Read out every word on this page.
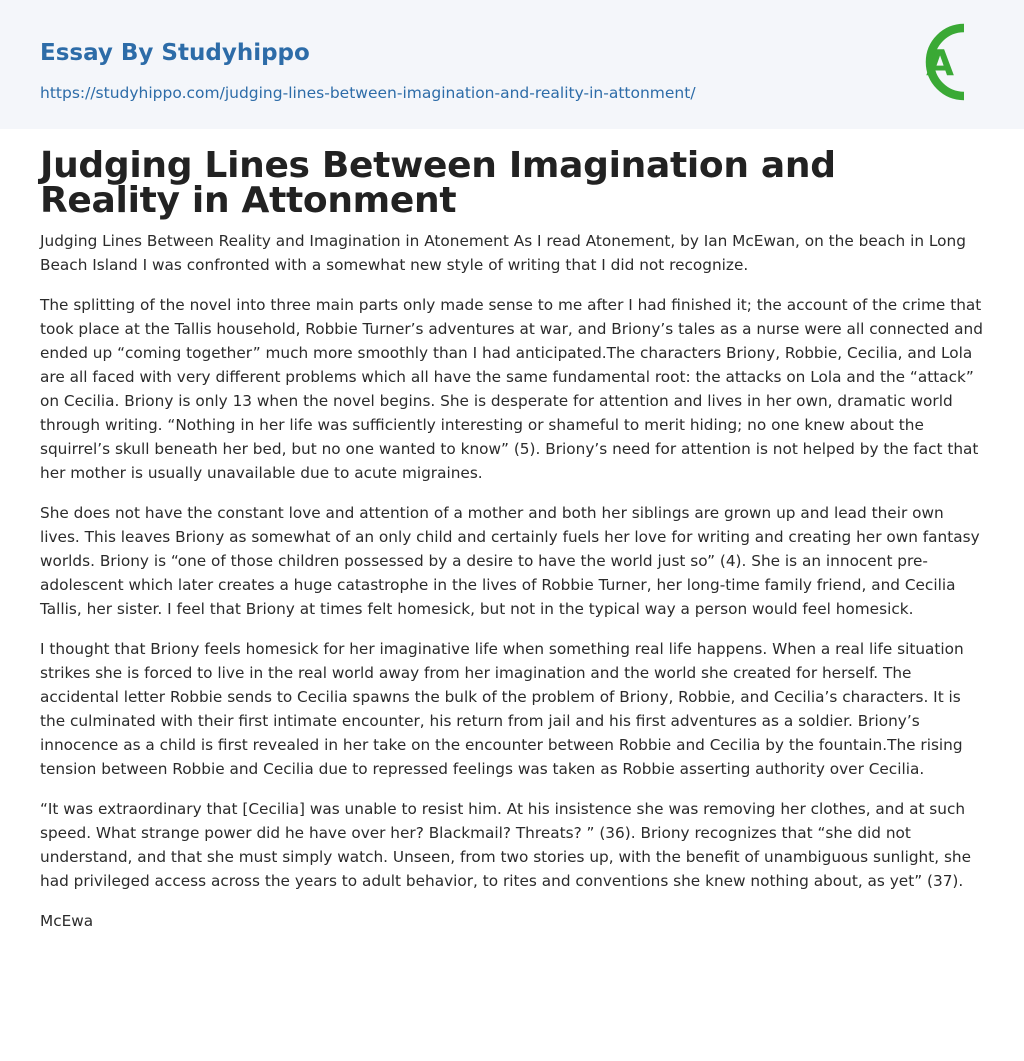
Essay By Studyhippo
https://studyhippo.com/judging-lines-between-imagination-and-reality-in-attonment/
A
Judging Lines Between Imagination and Reality in Attonment

Judging Lines Between Reality and Imagination in Atonement As I read Atonement, by Ian McEwan, on the beach in Long Beach Island I was confronted with a somewhat new style of writing that I did not recognize.

The splitting of the novel into three main parts only made sense to me after I had finished it; the account of the crime that took place at the Tallis household, Robbie Turner’s adventures at war, and Briony’s tales as a nurse were all connected and ended up “coming together” much more smoothly than I had anticipated.The characters Briony, Robbie, Cecilia, and Lola are all faced with very different problems which all have the same fundamental root: the attacks on Lola and the “attack” on Cecilia. Briony is only 13 when the novel begins. She is desperate for attention and lives in her own, dramatic world through writing. “Nothing in her life was sufficiently interesting or shameful to merit hiding; no one knew about the squirrel’s skull beneath her bed, but no one wanted to know” (5). Briony’s need for attention is not helped by the fact that her mother is usually unavailable due to acute migraines.

She does not have the constant love and attention of a mother and both her siblings are grown up and lead their own lives. This leaves Briony as somewhat of an only child and certainly fuels her love for writing and creating her own fantasy worlds. Briony is “one of those children possessed by a desire to have the world just so” (4). She is an innocent pre-adolescent which later creates a huge catastrophe in the lives of Robbie Turner, her long-time family friend, and Cecilia Tallis, her sister. I feel that Briony at times felt homesick, but not in the typical way a person would feel homesick.

I thought that Briony feels homesick for her imaginative life when something real life happens. When a real life situation strikes she is forced to live in the real world away from her imagination and the world she created for herself. The accidental letter Robbie sends to Cecilia spawns the bulk of the problem of Briony, Robbie, and Cecilia’s characters. It is the culminated with their first intimate encounter, his return from jail and his first adventures as a soldier. Briony’s innocence as a child is first revealed in her take on the encounter between Robbie and Cecilia by the fountain.The rising tension between Robbie and Cecilia due to repressed feelings was taken as Robbie asserting authority over Cecilia.

“It was extraordinary that [Cecilia] was unable to resist him. At his insistence she was removing her clothes, and at such speed. What strange power did he have over her? Blackmail? Threats? ” (36). Briony recognizes that “she did not understand, and that she must simply watch. Unseen, from two stories up, with the benefit of unambiguous sunlight, she had privileged access across the years to adult behavior, to rites and conventions she knew nothing about, as yet” (37).

McEwa
